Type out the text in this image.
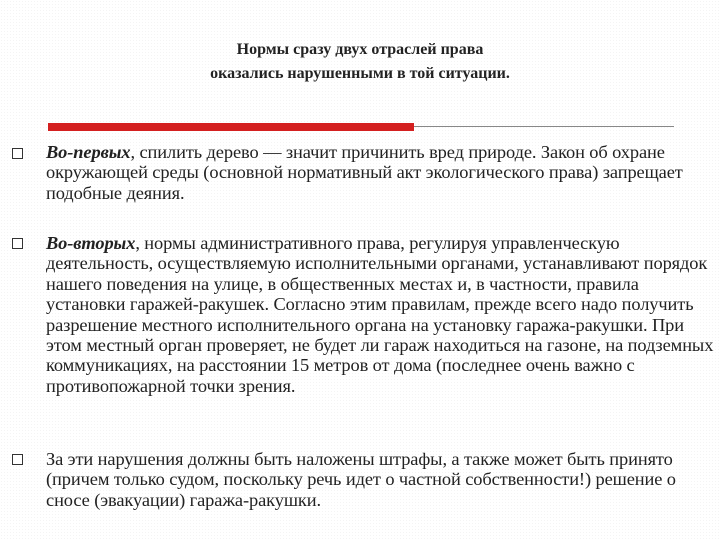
Нормы сразу двух отраслей права
оказались нарушенными в той ситуации.
Во-первых, спилить дерево — значит причинить вред природе. Закон об охране окружающей среды (основной нормативный акт экологического права) запрещает подобные деяния.
Во-вторых, нормы административного права, регулируя управленческую деятельность, осуществляемую исполнительными органами, устанавливают порядок нашего поведения на улице, в общественных местах и, в частности, правила установки гаражей-ракушек. Согласно этим правилам, прежде всего надо получить разрешение местного исполнительного органа на установку гаража-ракушки. При этом местный орган проверяет, не будет ли гараж находиться на газоне, на подземных коммуникациях, на расстоянии 15 метров от дома (последнее очень важно с противопожарной точки зрения.
За эти нарушения должны быть наложены штрафы, а также может быть принято (причем только судом, поскольку речь идет о частной собственности!) решение о сносе (эвакуации) гаража-ракушки.
